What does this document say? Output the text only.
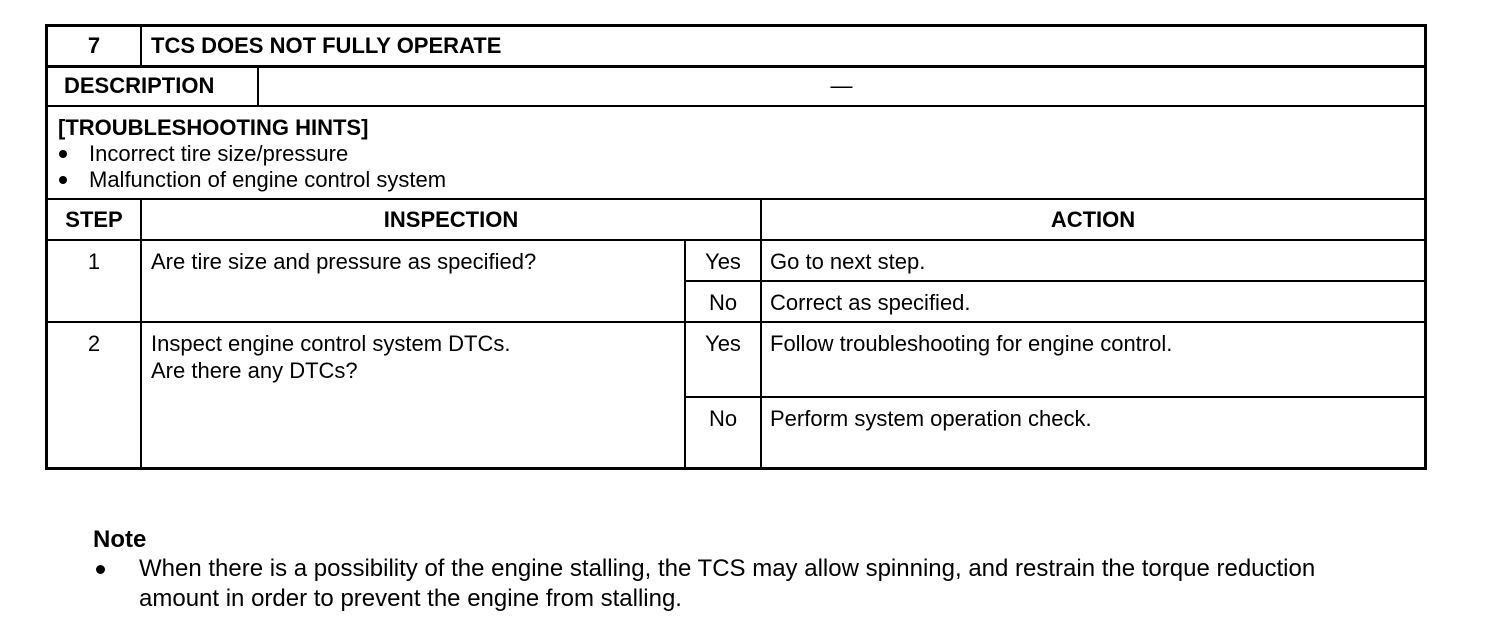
7	TCS DOES NOT FULLY OPERATE
DESCRIPTION	—
[TROUBLESHOOTING HINTS]
Incorrect tire size/pressure
Malfunction of engine control system
STEP	INSPECTION	ACTION
1	Are tire size and pressure as specified?	Yes	Go to next step.
No	Correct as specified.
2	Inspect engine control system DTCs.
Are there any DTCs?
Yes	Follow troubleshooting for engine control.
No	Perform system operation check.
Note
When there is a possibility of the engine stalling, the TCS may allow spinning, and restrain the torque reduction amount in order to prevent the engine from stalling.
